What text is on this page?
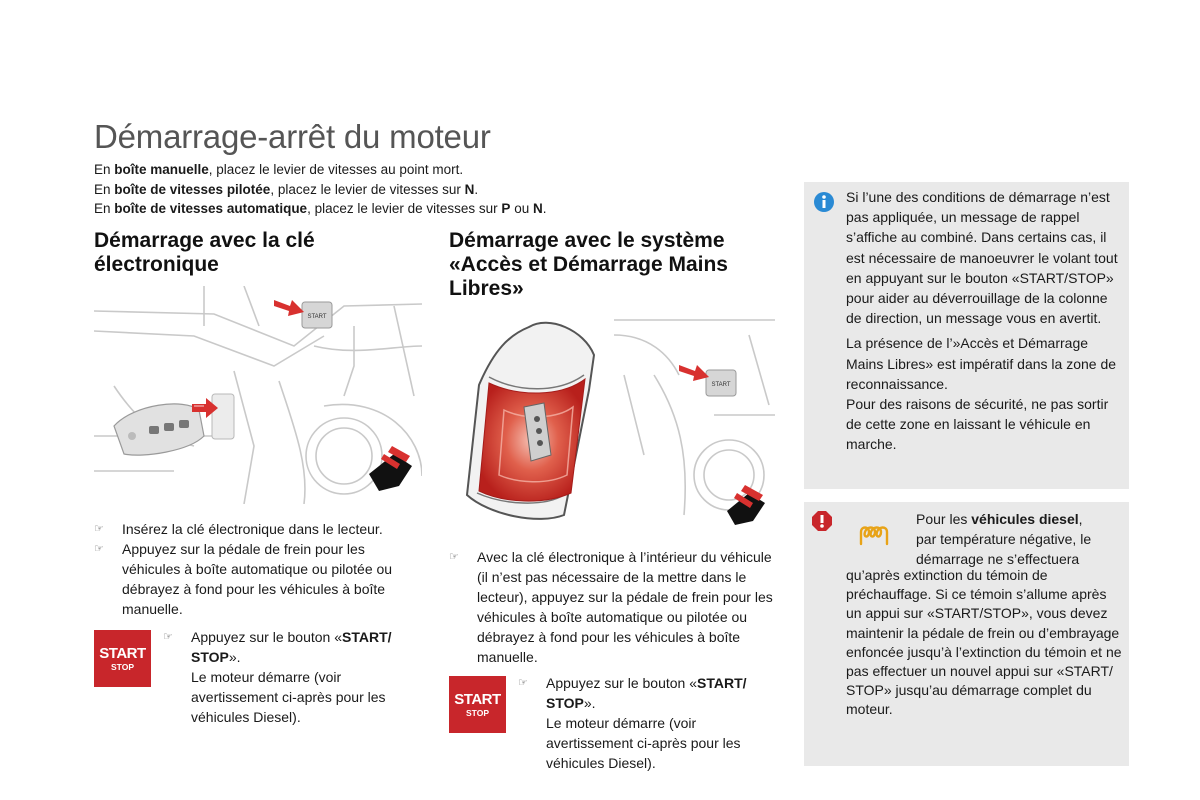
Démarrage-arrêt du moteur

En boîte manuelle, placez le levier de vitesses au point mort.

En boîte de vitesses pilotée, placez le levier de vitesses sur N.

En boîte de vitesses automatique, placez le levier de vitesses sur P ou N.

Démarrage avec la clé
électronique
START
☞ Insérez la clé électronique dans le lecteur.
☞ Appuyez sur la pédale de frein pour les véhicules à boîte automatique ou pilotée ou débrayez à fond pour les véhicules à boîte manuelle.
START
STOP
☞ Appuyez sur le bouton «START/ STOP».
Le moteur démarre (voir avertissement ci-après pour les véhicules Diesel).
Démarrage avec le système
«Accès et Démarrage Mains
Libres»
START
☞ Avec la clé électronique à l’intérieur du véhicule (il n’est pas nécessaire de la mettre dans le lecteur), appuyez sur la pédale de frein pour les véhicules à boîte automatique ou pilotée ou débrayez à fond pour les véhicules à boîte manuelle.
START
STOP
☞ Appuyez sur le bouton «START/ STOP».
Le moteur démarre (voir avertissement ci-après pour les véhicules Diesel).

Si l’une des conditions de démarrage n’est pas appliquée, un message de rappel s’affiche au combiné. Dans certains cas, il est nécessaire de manoeuvrer le volant tout en appuyant sur le bouton «START/STOP» pour aider au déverrouillage de la colonne de direction, un message vous en avertit.

La présence de l’»Accès et Démarrage Mains Libres» est impératif dans la zone de reconnaissance.

Pour des raisons de sécurité, ne pas sortir de cette zone en laissant le véhicule en marche.

Pour les véhicules diesel,

par température négative, le

démarrage ne s’effectuera

qu’après extinction du témoin de préchauffage. Si ce témoin s’allume après un appui sur «START/STOP», vous devez maintenir la pédale de frein ou d’embrayage enfoncée jusqu’à l’extinction du témoin et ne pas effectuer un nouvel appui sur «START/ STOP» jusqu’au démarrage complet du moteur.
